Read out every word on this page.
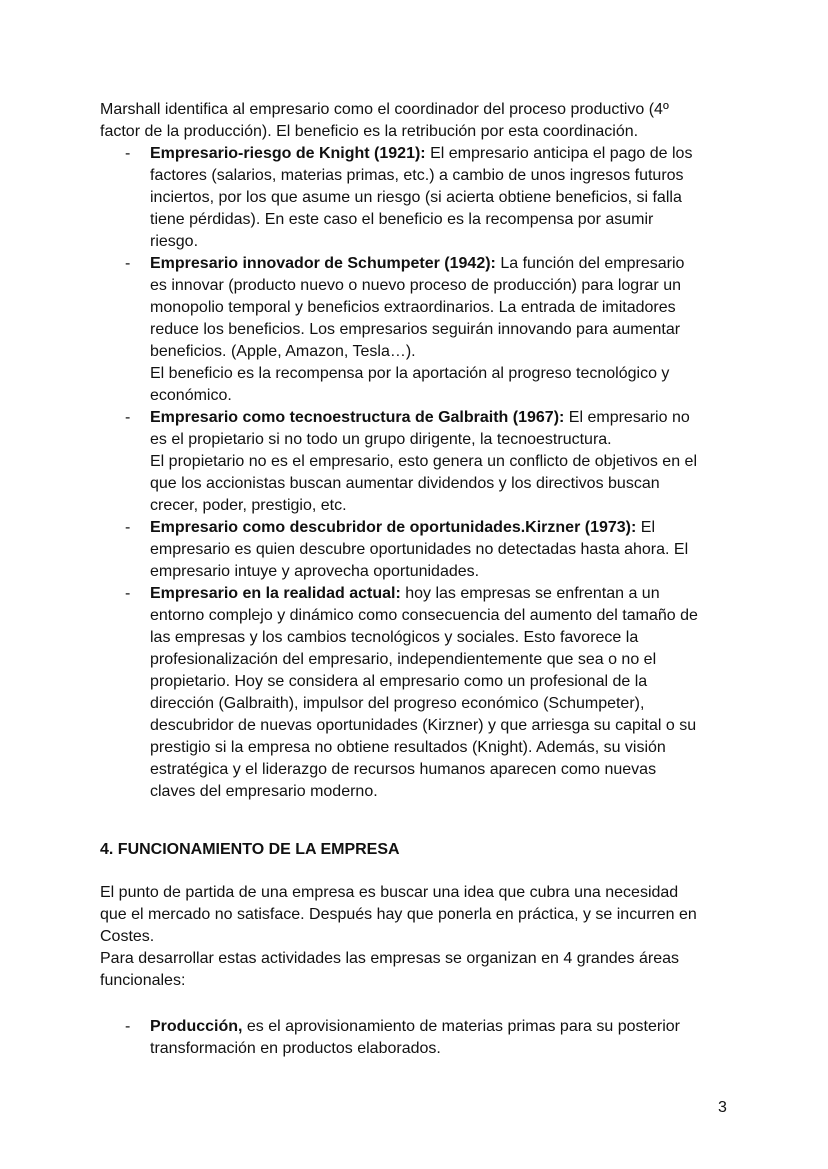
Marshall identifica al empresario como el coordinador del proceso productivo (4º
factor de la producción). El beneficio es la retribución por esta coordinación.
- Empresario-riesgo de Knight (1921): El empresario anticipa el pago de los
factores (salarios, materias primas, etc.) a cambio de unos ingresos futuros
inciertos, por los que asume un riesgo (si acierta obtiene beneficios, si falla
tiene pérdidas). En este caso el beneficio es la recompensa por asumir
riesgo.
- Empresario innovador de Schumpeter (1942): La función del empresario
es innovar (producto nuevo o nuevo proceso de producción) para lograr un
monopolio temporal y beneficios extraordinarios. La entrada de imitadores
reduce los beneficios. Los empresarios seguirán innovando para aumentar
beneficios. (Apple, Amazon, Tesla…).
El beneficio es la recompensa por la aportación al progreso tecnológico y
económico.
- Empresario como tecnoestructura de Galbraith (1967): El empresario no
es el propietario si no todo un grupo dirigente, la tecnoestructura.
El propietario no es el empresario, esto genera un conflicto de objetivos en el
que los accionistas buscan aumentar dividendos y los directivos buscan
crecer, poder, prestigio, etc.
- Empresario como descubridor de oportunidades.Kirzner (1973): El
empresario es quien descubre oportunidades no detectadas hasta ahora. El
empresario intuye y aprovecha oportunidades.
- Empresario en la realidad actual: hoy las empresas se enfrentan a un
entorno complejo y dinámico como consecuencia del aumento del tamaño de
las empresas y los cambios tecnológicos y sociales. Esto favorece la
profesionalización del empresario, independientemente que sea o no el
propietario. Hoy se considera al empresario como un profesional de la
dirección (Galbraith), impulsor del progreso económico (Schumpeter),
descubridor de nuevas oportunidades (Kirzner) y que arriesga su capital o su
prestigio si la empresa no obtiene resultados (Knight). Además, su visión
estratégica y el liderazgo de recursos humanos aparecen como nuevas
claves del empresario moderno.
4. FUNCIONAMIENTO DE LA EMPRESA
El punto de partida de una empresa es buscar una idea que cubra una necesidad
que el mercado no satisface. Después hay que ponerla en práctica, y se incurren en
Costes.
Para desarrollar estas actividades las empresas se organizan en 4 grandes áreas
funcionales:
- Producción, es el aprovisionamiento de materias primas para su posterior
transformación en productos elaborados.
3
